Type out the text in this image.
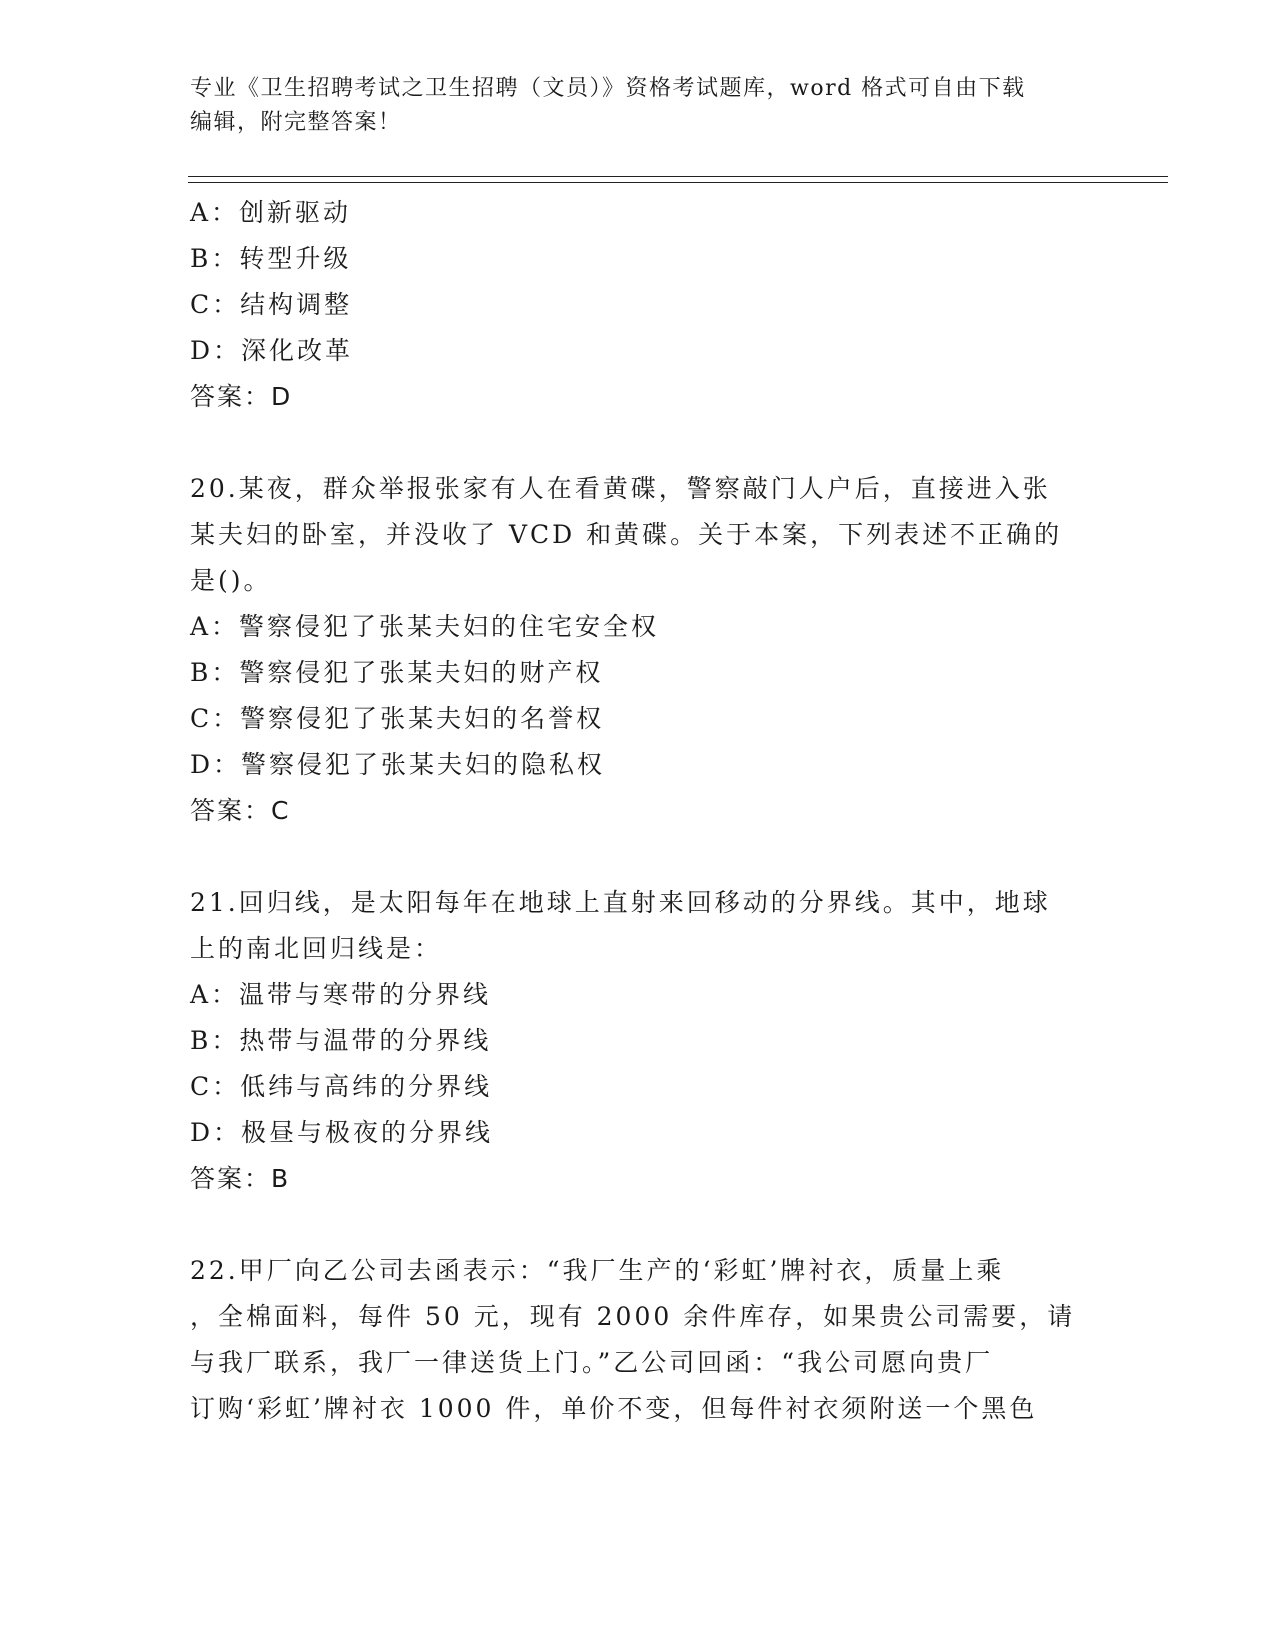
专业《卫生招聘考试之卫生招聘（文员）》资格考试题库，word 格式可自由下载
编辑，附完整答案！
A：创新驱动
B：转型升级
C：结构调整
D：深化改革
答案：D
20.某夜，群众举报张家有人在看黄碟，警察敲门人户后，直接进入张
某夫妇的卧室，并没收了 VCD 和黄碟。关于本案，下列表述不正确的
是()。
A：警察侵犯了张某夫妇的住宅安全权
B：警察侵犯了张某夫妇的财产权
C：警察侵犯了张某夫妇的名誉权
D：警察侵犯了张某夫妇的隐私权
答案：C
21.回归线，是太阳每年在地球上直射来回移动的分界线。其中，地球
上的南北回归线是：
A：温带与寒带的分界线
B：热带与温带的分界线
C：低纬与高纬的分界线
D：极昼与极夜的分界线
答案：B
22.甲厂向乙公司去函表示：“我厂生产的‘彩虹’牌衬衣，质量上乘
，全棉面料，每件 50 元，现有 2000 余件库存，如果贵公司需要，请
与我厂联系，我厂一律送货上门。”乙公司回函：“我公司愿向贵厂
订购‘彩虹’牌衬衣 1000 件，单价不变，但每件衬衣须附送一个黑色
